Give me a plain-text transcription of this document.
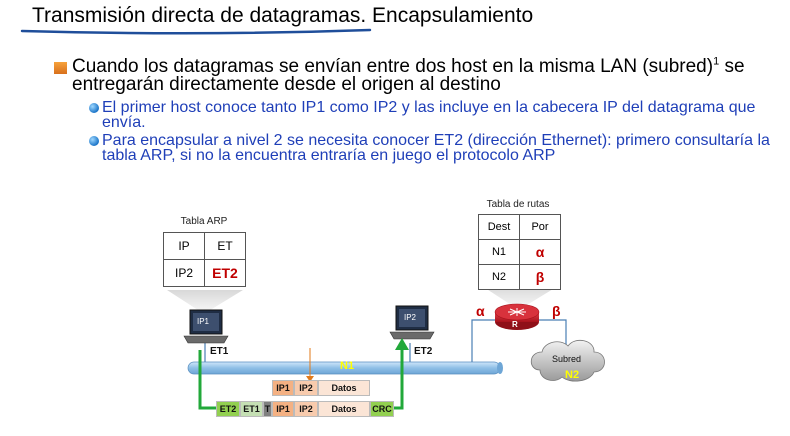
Transmisión directa de datagramas. Encapsulamiento
Cuando los datagramas se envían entre dos host en la misma LAN (subred)$^1$ se entregarán directamente desde el origen al destino
El primer host conoce tanto IP1 como IP2 y las incluye en la cabecera IP del datagrama que envía.
Para encapsular a nivel 2 se necesita conocer ET2 (dirección Ethernet): primero consultaría la tabla ARP, si no la encuentra entraría en juego el protocolo ARP
IP1	IP2
ET1	ET2
N1
Tabla ARP
IP	ET
IP2	ET2
Tabla de rutas
Dest	Por
N1	α
N2	β
α	β
R
Subred
N2
IP1	IP2	Datos
ET2 ET1 T IP1	IP2	Datos	CRC
